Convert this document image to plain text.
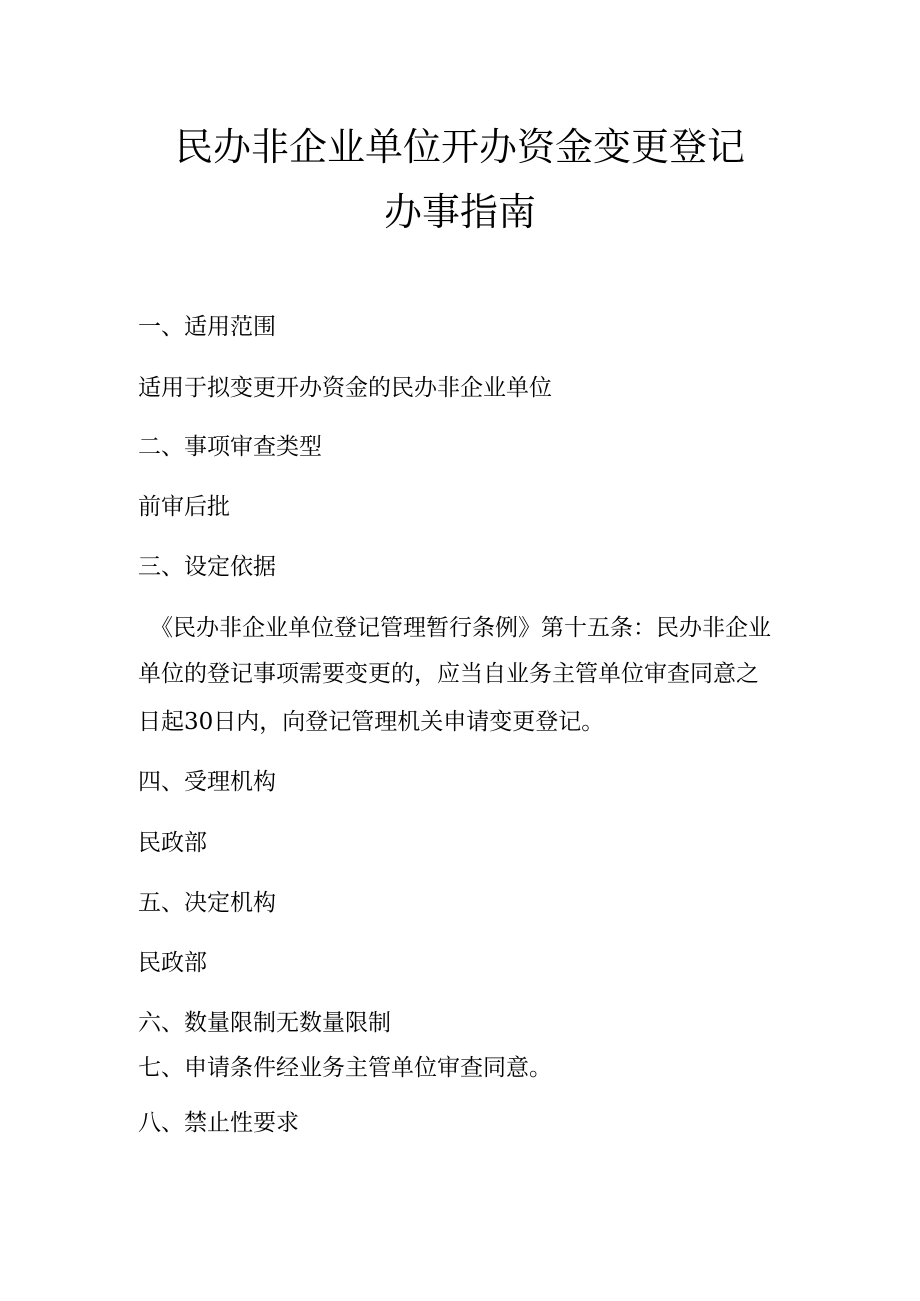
民办非企业单位开办资金变更登记
办事指南
一、适用范围
适用于拟变更开办资金的民办非企业单位
二、事项审查类型
前审后批
三、设定依据
《民办非企业单位登记管理暂行条例》第十五条：民办非企业
单位的登记事项需要变更的，应当自业务主管单位审查同意之
日起30日内，向登记管理机关申请变更登记。
四、受理机构
民政部
五、决定机构
民政部
六、数量限制无数量限制
七、申请条件经业务主管单位审查同意。
八、禁止性要求
